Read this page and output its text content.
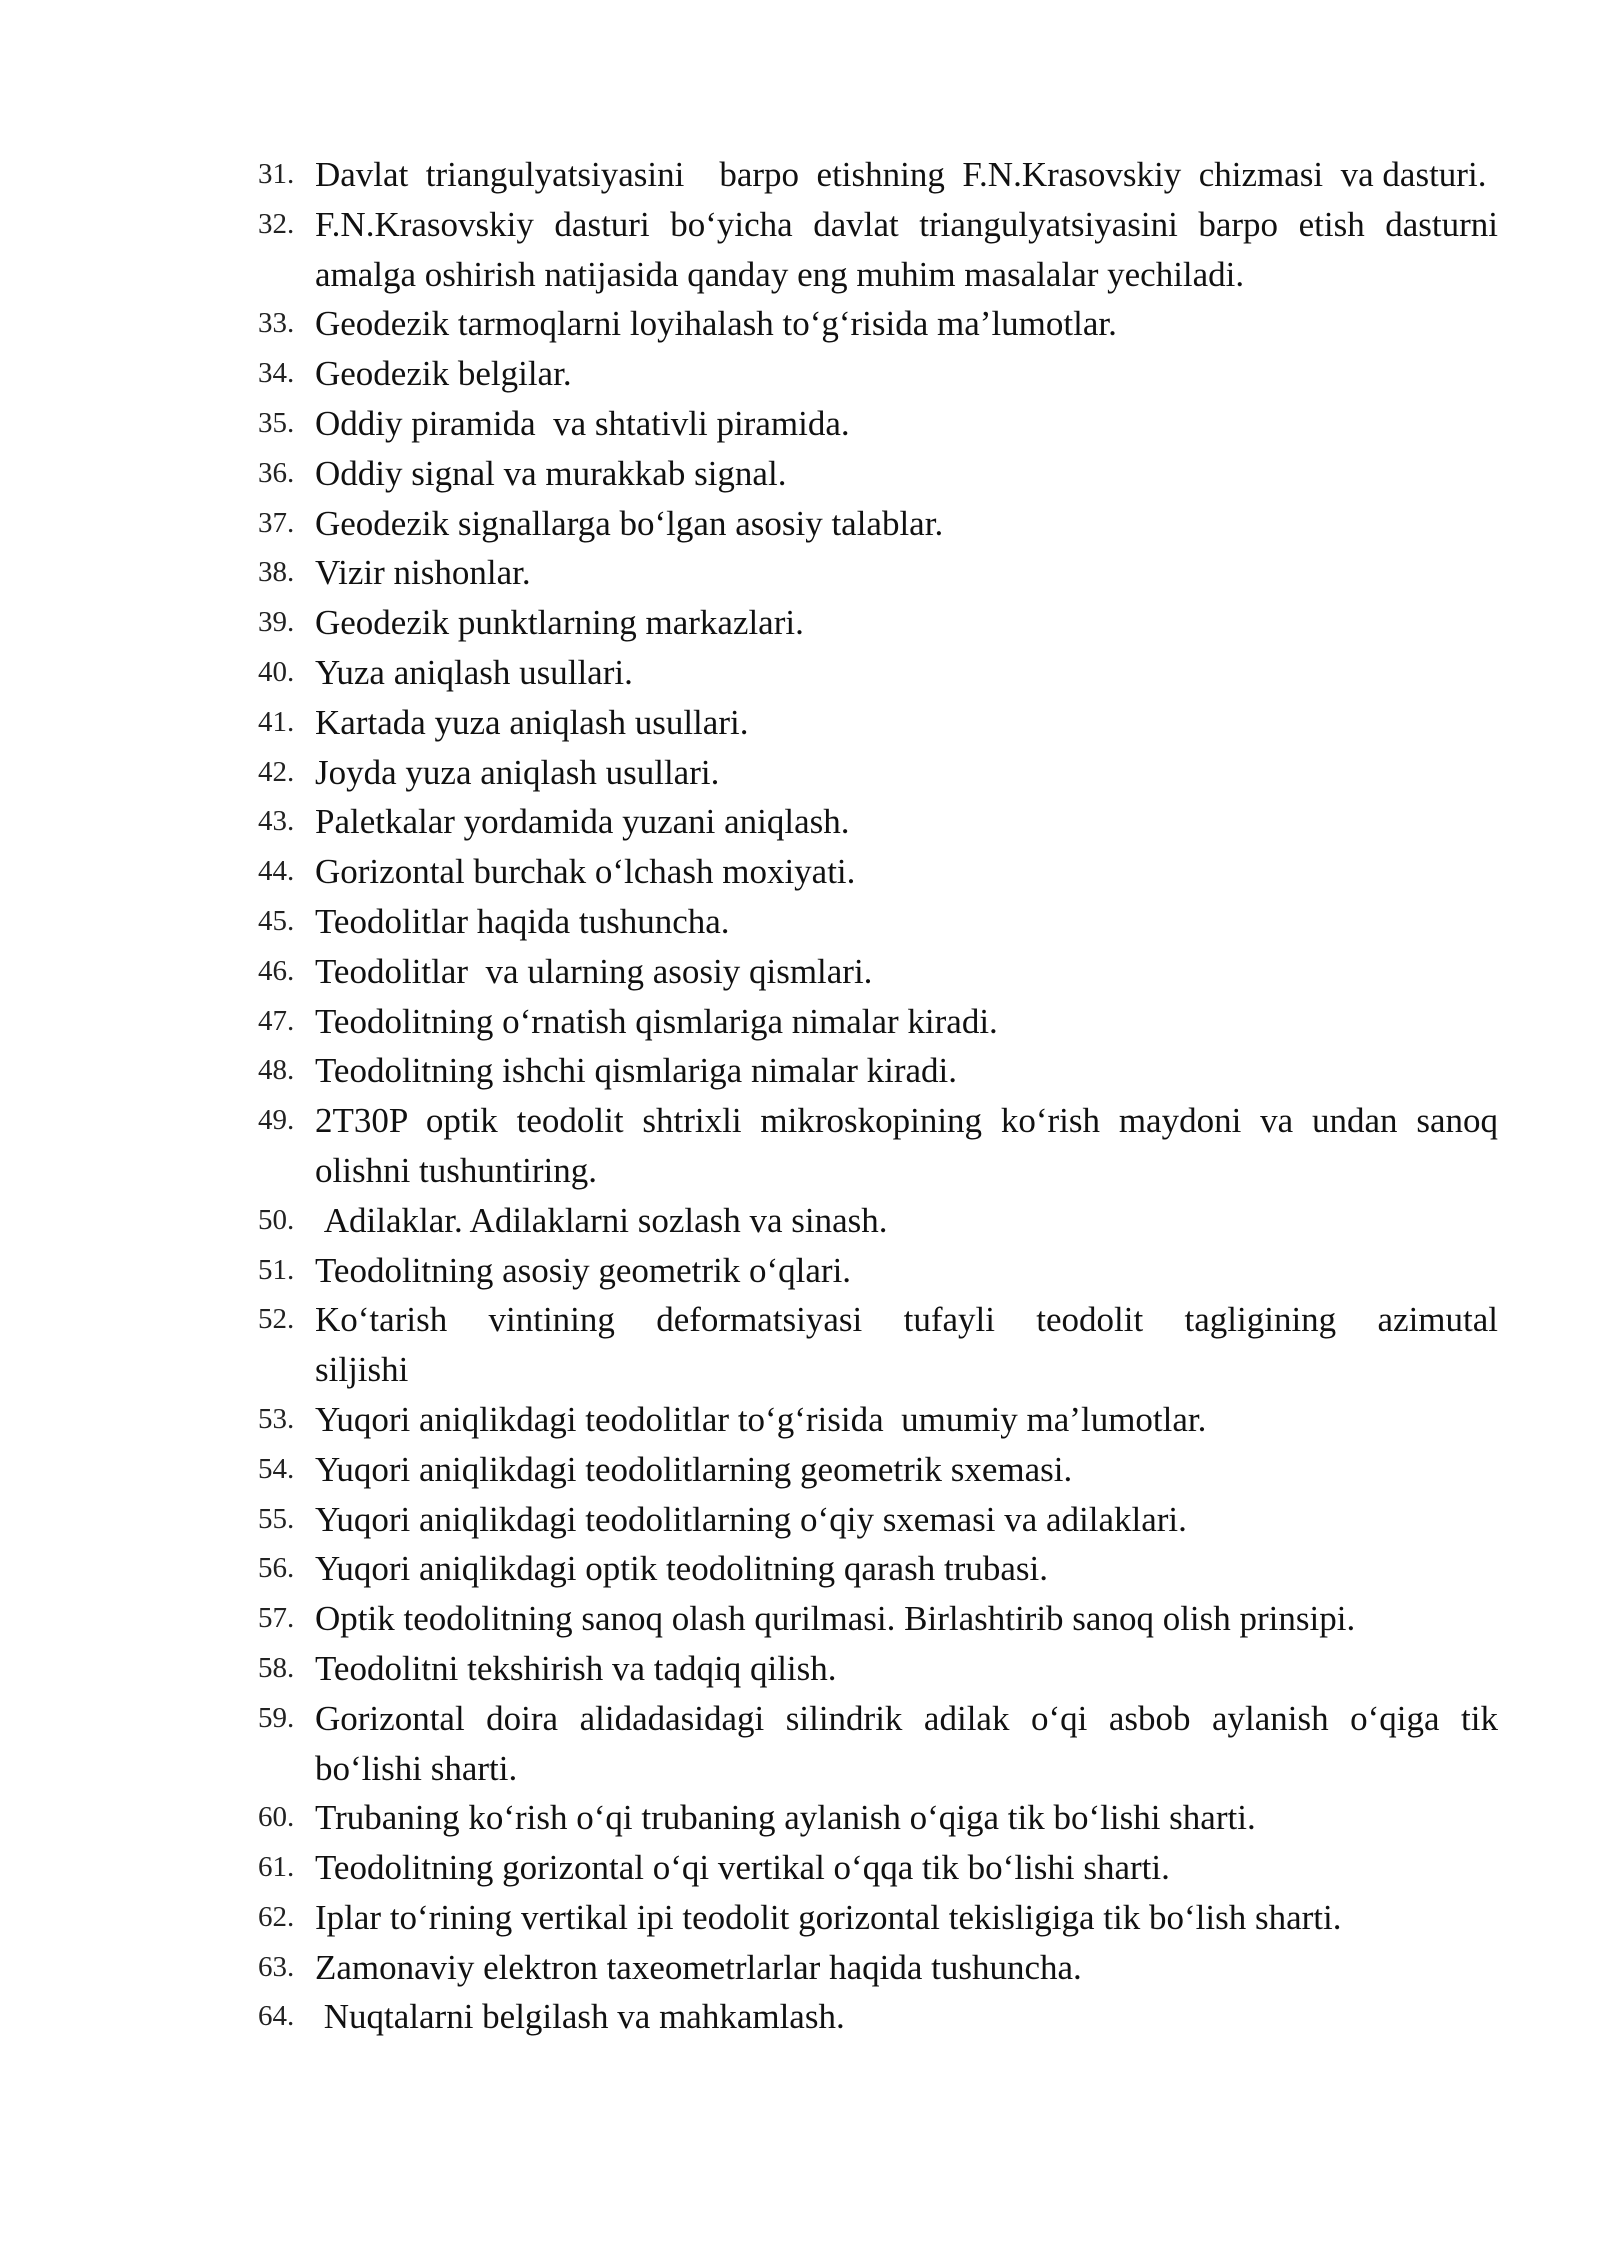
31. Davlat  triangulyatsiyasini    barpo  etishning  F.N.Krasovskiy  chizmasi  va dasturi.
32. F.N.Krasovskiy dasturi bo‘yicha davlat triangulyatsiyasini barpo etish dasturni amalga oshirish natijasida qanday eng muhim masalalar yechiladi.
33. Geodezik tarmoqlarni loyihalash to‘g‘risida ma’lumotlar.
34. Geodezik belgilar.
35. Oddiy piramida  va shtativli piramida.
36. Oddiy signal va murakkab signal.
37. Geodezik signallarga bo‘lgan asosiy talablar.
38. Vizir nishonlar.
39. Geodezik punktlarning markazlari.
40. Yuza aniqlash usullari.
41. Kartada yuza aniqlash usullari.
42. Joyda yuza aniqlash usullari.
43. Paletkalar yordamida yuzani aniqlash.
44. Gorizontal burchak o‘lchash moxiyati.
45. Teodolitlar haqida tushuncha.
46. Teodolitlar  va ularning asosiy qismlari.
47. Teodolitning o‘rnatish qismlariga nimalar kiradi.
48. Teodolitning ishchi qismlariga nimalar kiradi.
49. 2T30P optik teodolit shtrixli mikroskopining ko‘rish maydoni va undan sanoq olishni tushuntiring.
50. Adilaklar. Adilaklarni sozlash va sinash.
51. Teodolitning asosiy geometrik o‘qlari.
52. Ko‘tarish   vintining   deformatsiyasi   tufayli   teodolit   tagligining   azimutal siljishi
53. Yuqori aniqlikdagi teodolitlar to‘g‘risida  umumiy ma’lumotlar.
54. Yuqori aniqlikdagi teodolitlarning geometrik sxemasi.
55. Yuqori aniqlikdagi teodolitlarning o‘qiy sxemasi va adilaklari.
56. Yuqori aniqlikdagi optik teodolitning qarash trubasi.
57. Optik teodolitning sanoq olash qurilmasi. Birlashtirib sanoq olish prinsipi.
58. Teodolitni tekshirish va tadqiq qilish.
59. Gorizontal doira alidadasidagi silindrik adilak o‘qi asbob aylanish o‘qiga tik bo‘lishi sharti.
60. Trubaning ko‘rish o‘qi trubaning aylanish o‘qiga tik bo‘lishi sharti.
61. Teodolitning gorizontal o‘qi vertikal o‘qqa tik bo‘lishi sharti.
62. Iplar to‘rining vertikal ipi teodolit gorizontal tekisligiga tik bo‘lish sharti.
63. Zamonaviy elektron taxeometrlarlar haqida tushuncha.
64. Nuqtalarni belgilash va mahkamlash.
